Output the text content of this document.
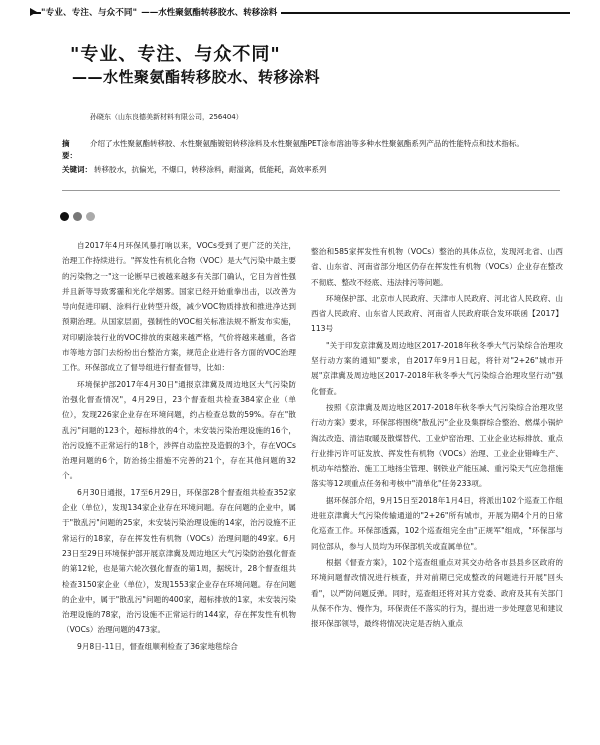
"专业、专注、与众不同" ——水性聚氨酯转移胶水、转移涂料
"专业、专注、与众不同"
——水性聚氨酯转移胶水、转移涂料
孙晓东（山东良德美新材料有限公司，256404）
摘　要：
介绍了水性聚氨酯转移胶、水性聚氨酯镀铝转移涂料及水性聚氨酯PET涂布溶油等多种水性聚氨酯系列产品的性能特点和技术指标。
关键词： 转移胶水，抗偏光，不爆口，转移涂料，耐溢离，低能耗，高效率系列

自2017年4月环保风暴打响以来，VOCs受到了更广泛的关注，治理工作持续进行。"挥发性有机化合物（VOC）是大气污染中最主要的污染物之一"这一论断早已被越来越多有关部门确认，它目为首性强并且新等导致雾霾和光化学烟雾。国家已经开始重拳出击，以改善为导向促进印刷、涂料行业转型升级，减少VOC物质排放和推进净达到预期治理。从国家层面，强制性的VOC相关标准法规不断发布实施，对印刷涂装行业的VOC排放的束越来越严格，气价将越来越重，各省市等地方部门去纷纷出台整治方案，规范企业进行各方面的VOC治理工作。环保部成立了督导组进行督查督导，比如：

环境保护部2017年4月30日"通报京津冀及周边地区大气污染防治强化督查情况"，4月29日，23个督查组共检查384家企业（单位），发现226家企业存在环境问题，约占检查总数的59%。存在"散乱污"问题的123个，超标排放的4个，未安装污染治理设施的16个，治污设施不正常运行的18个，涉挥自动监控及造假的3个，存在VOCs治理问题的6个，防治扬尘措施不完善的21个，存在其他问题的32个。

6月30日通报，17至6月29日，环保部28个督查组共检查352家企业（单位），发现134家企业存在环境问题。存在问题的企业中，属于"散乱污"问题的25家，未安装污染治理设施的14家，治污设施不正常运行的18家，存在挥发性有机物（VOCs）治理问题的49家。6月23日至29日环境保护部开展京津冀及周边地区大气污染防治强化督查的第12轮，也是第六轮次强化督查的第1周，据统计，28个督查组共检查3150家企业（单位），发现1553家企业存在环境问题。存在问题的企业中，属于"散乱污"问题的400家，超标排放的1家，未安装污染治理设施的78家，治污设施不正常运行的144家，存在挥发性有机物（VOCs）治理问题的473家。

9月8日-11日，督查组顺利检查了36家地毯综合

整治和585家挥发性有机物（VOCs）整治的具体点位，发现河北省、山西省、山东省、河南省部分地区仍存在挥发性有机物（VOCs）企业存在整改不彻底、整改不经底、违法排污等问题。

环境保护部、北京市人民政府、天津市人民政府、河北省人民政府、山西省人民政府、山东省人民政府、河南省人民政府联合发环联函【2017】113号

"关于印发京津冀及周边地区2017-2018年秋冬季大气污染综合治理攻坚行动方案的通知"要求，自2017年9月1日起，将针对"2+26"城市开展"京津冀及周边地区2017-2018年秋冬季大气污染综合治理攻坚行动"强化督查。

按照《京津冀及周边地区2017-2018年秋冬季大气污染综合治理攻坚行动方案》要求，环保部将围绕"散乱污"企业及集群综合整治、燃煤小锅炉淘汰改造、清洁取暖及散煤替代、工业炉窑治理、工业企业达标排放、重点行业排污许可证发放、挥发性有机物（VOCs）治理、工业企业错峰生产、机动车结整治、施工工地扬尘管理、钢铁业产能压减、重污染天气应急措施落实等12项重点任务和考核中"清单化"任务233项。

据环保部介绍，9月15日至2018年1月4日，将派出102个巡查工作组进驻京津冀大气污染传输通道的"2+26"所有城市，开展为期4个月的日常化巡查工作。环保部透露，102个巡查组完全由"正规军"组成，"环保部与同位部从，参与人员均为环保部机关或直属单位"。

根据《督查方案》，102个巡查组重点对其交办给各市县县乡区政府的环境问题督改情况进行核查，并对前期已完成整改的问题进行开展"回头看"，以严防问题反弹。同时，巡查组还将对其方党委、政府及其有关部门从保不作为、慢作为，环保责任不落实的行为，提出进一步处理意见和建议报环保部领导，最终将情况决定是否纳入重点
